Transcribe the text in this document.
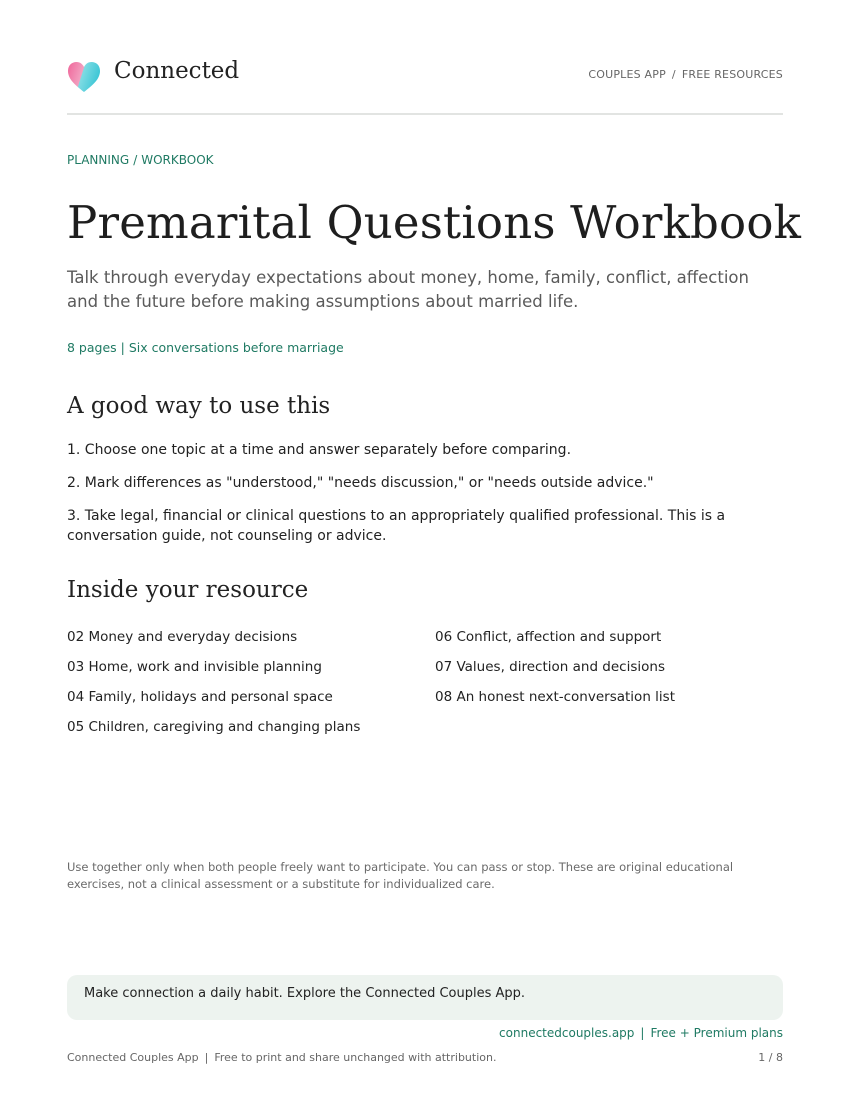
Connected	COUPLES APP / FREE RESOURCES
PLANNING / WORKBOOK
Premarital Questions Workbook

Talk through everyday expectations about money, home, family, conflict, affection and the future before making assumptions about married life.

8 pages | Six conversations before marriage
A good way to use this
1. Choose one topic at a time and answer separately before comparing.
2. Mark differences as "understood," "needs discussion," or "needs outside advice."
3. Take legal, financial or clinical questions to an appropriately qualified professional. This is a conversation guide, not counseling or advice.
Inside your resource
02 Money and everyday decisions
03 Home, work and invisible planning
04 Family, holidays and personal space
05 Children, caregiving and changing plans
06 Conflict, affection and support
07 Values, direction and decisions
08 An honest next-conversation list

Use together only when both people freely want to participate. You can pass or stop. These are original educational exercises, not a clinical assessment or a substitute for individualized care.

Make connection a daily habit. Explore the Connected Couples App.
connectedcouples.app | Free + Premium plans
Connected Couples App | Free to print and share unchanged with attribution.	1 / 8
